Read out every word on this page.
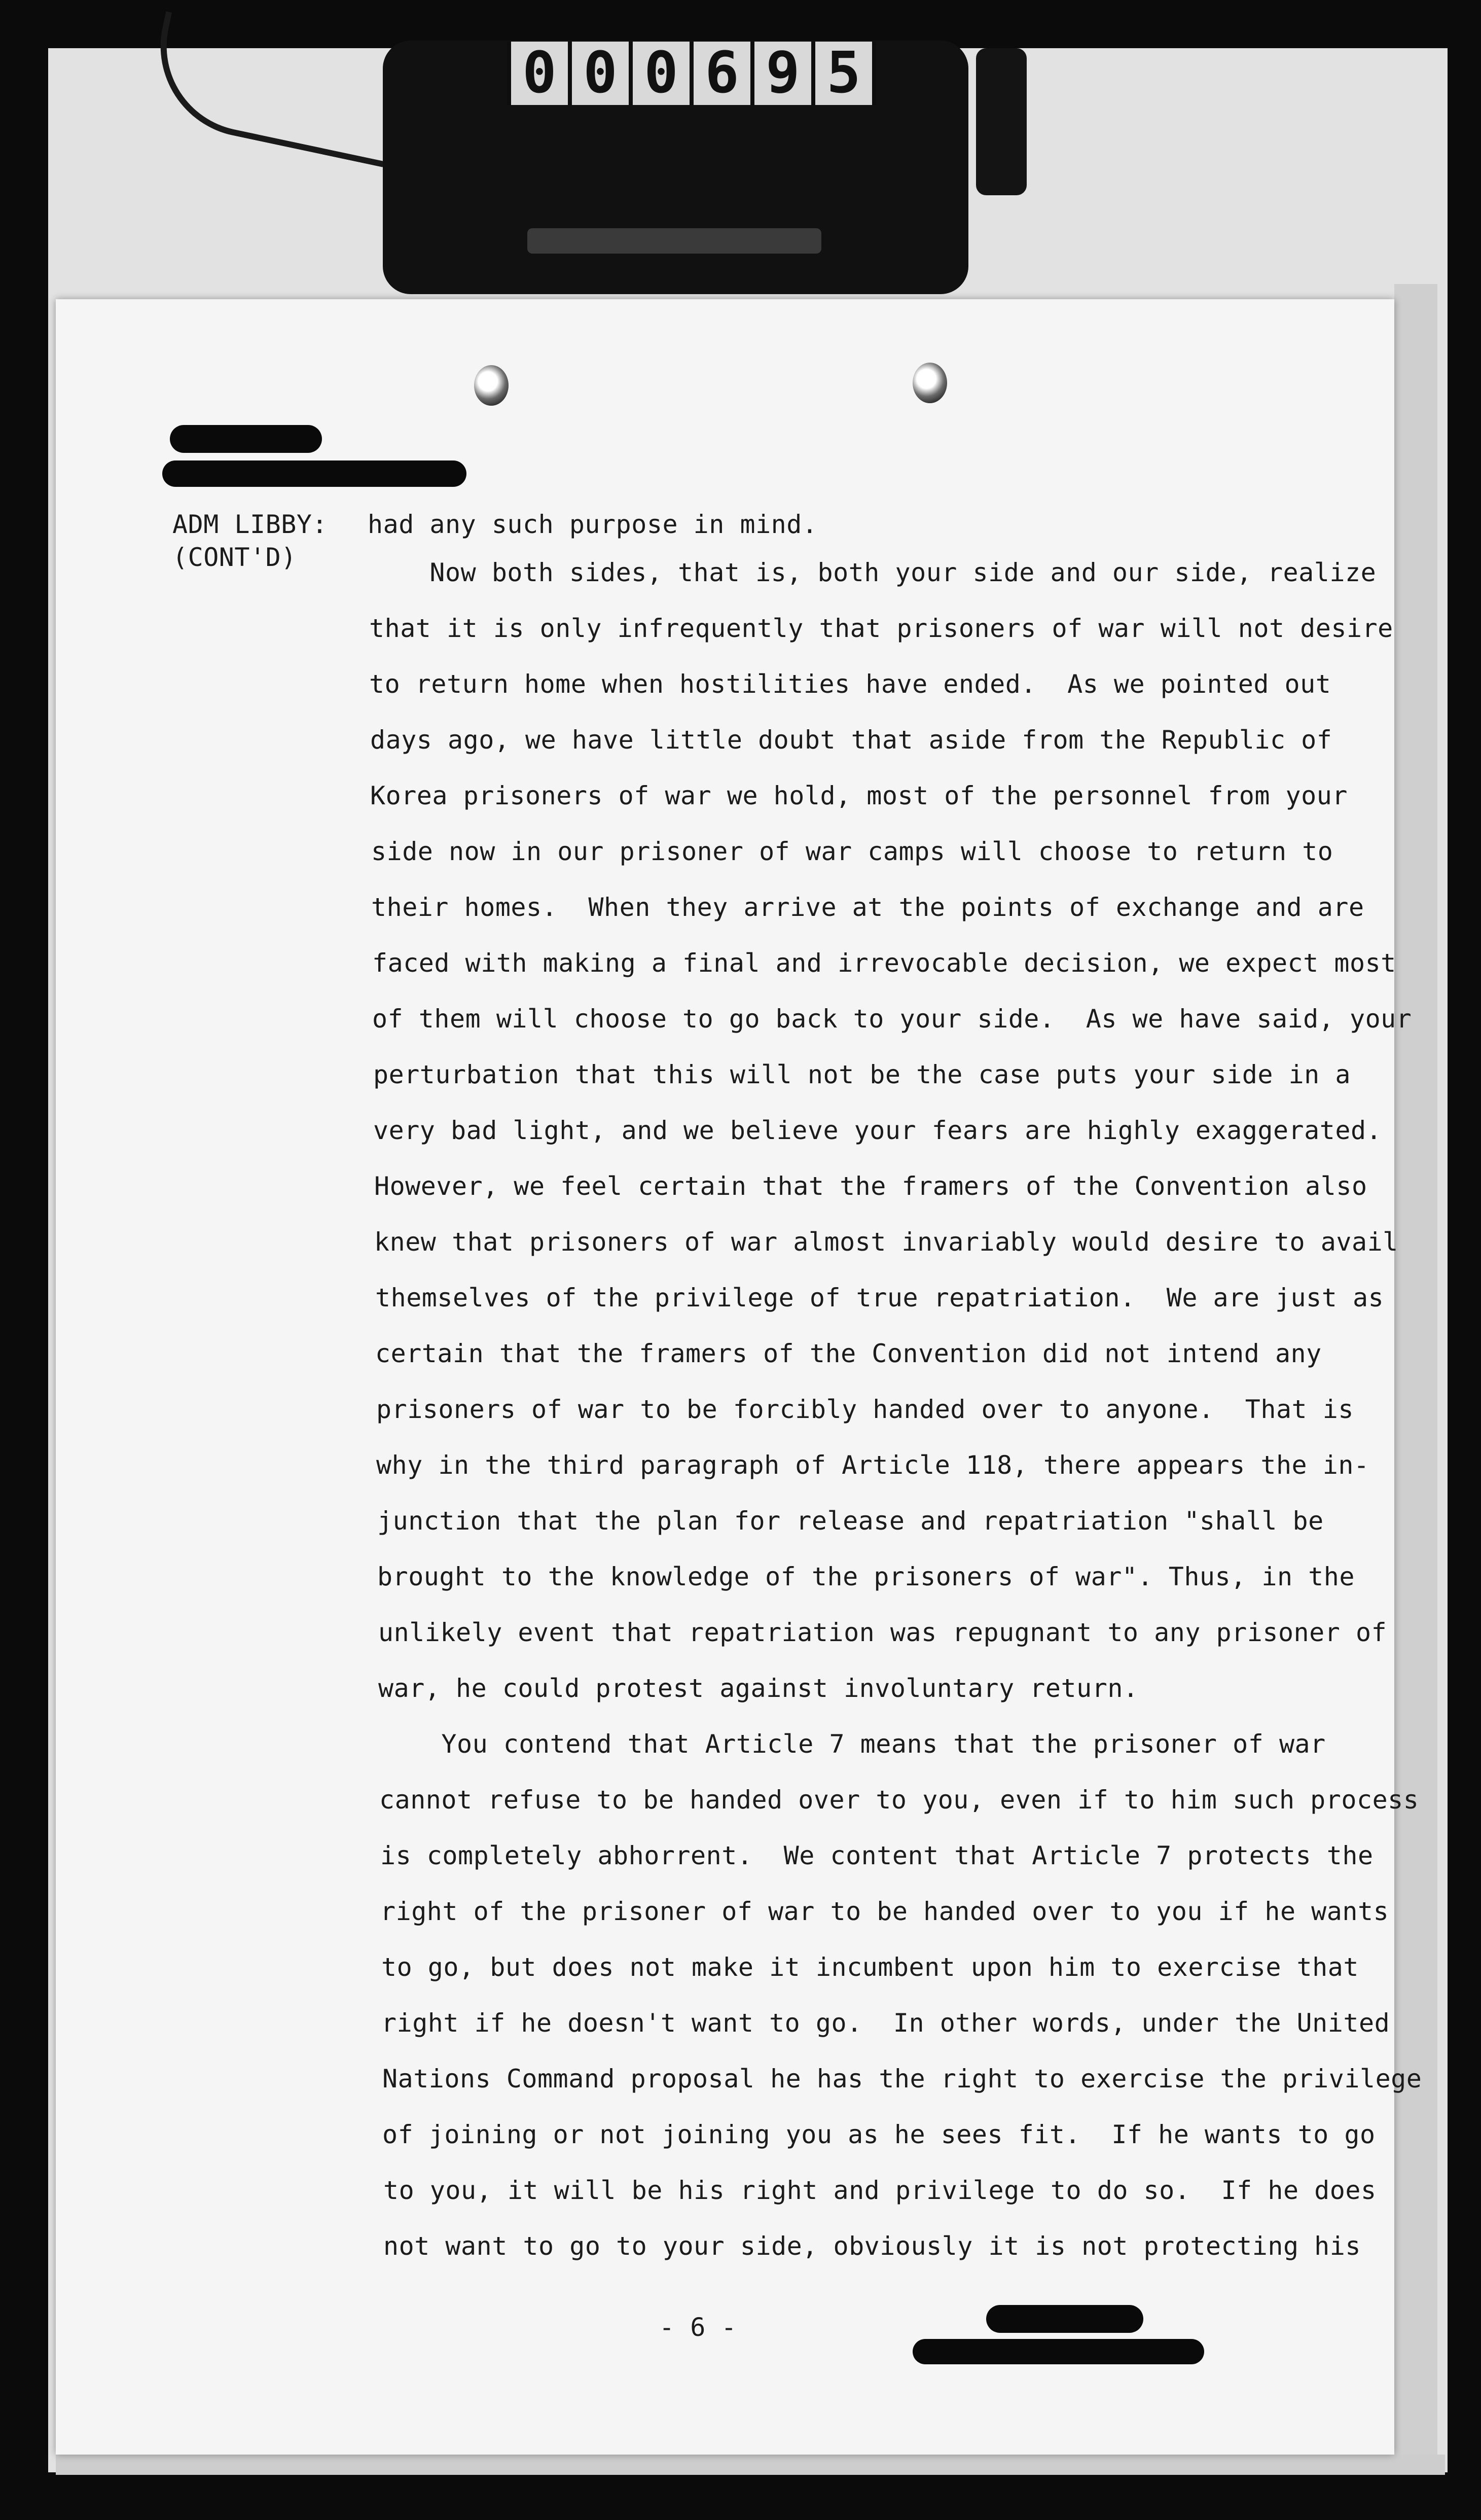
0 0 0 6 9 5
ADM LIBBY:
(CONT'D)
had any such purpose in mind.
Now both sides, that is, both your side and our side, realize
that it is only infrequently that prisoners of war will not desire
to return home when hostilities have ended.  As we pointed out
days ago, we have little doubt that aside from the Republic of
Korea prisoners of war we hold, most of the personnel from your
side now in our prisoner of war camps will choose to return to
their homes.  When they arrive at the points of exchange and are
faced with making a final and irrevocable decision, we expect most
of them will choose to go back to your side.  As we have said, your
perturbation that this will not be the case puts your side in a
very bad light, and we believe your fears are highly exaggerated.
However, we feel certain that the framers of the Convention also
knew that prisoners of war almost invariably would desire to avail
themselves of the privilege of true repatriation.  We are just as
certain that the framers of the Convention did not intend any
prisoners of war to be forcibly handed over to anyone.  That is
why in the third paragraph of Article 118, there appears the in-
junction that the plan for release and repatriation "shall be
brought to the knowledge of the prisoners of war". Thus, in the
unlikely event that repatriation was repugnant to any prisoner of
war, he could protest against involuntary return.
You contend that Article 7 means that the prisoner of war
cannot refuse to be handed over to you, even if to him such process
is completely abhorrent.  We content that Article 7 protects the
right of the prisoner of war to be handed over to you if he wants
to go, but does not make it incumbent upon him to exercise that
right if he doesn't want to go.  In other words, under the United
Nations Command proposal he has the right to exercise the privilege
of joining or not joining you as he sees fit.  If he wants to go
to you, it will be his right and privilege to do so.  If he does
not want to go to your side, obviously it is not protecting his
- 6 -
